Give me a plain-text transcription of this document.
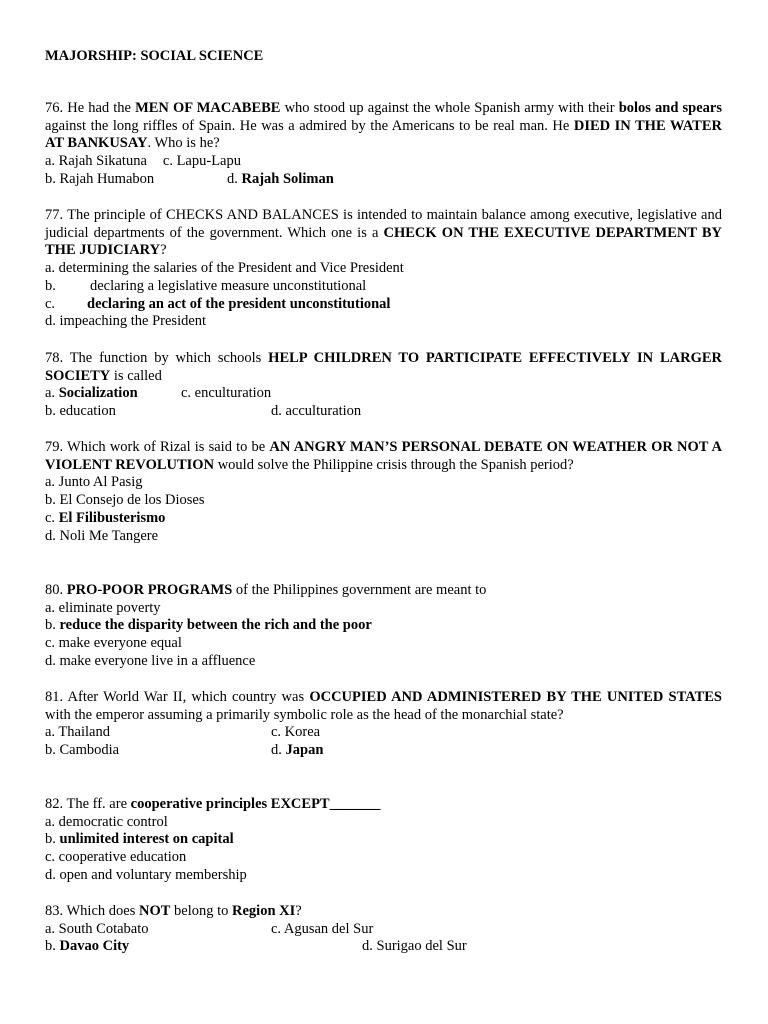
MAJORSHIP: SOCIAL SCIENCE
76. He had the MEN OF MACABEBE who stood up against the whole Spanish army with their bolos and spears against the long riffles of Spain. He was a admired by the Americans to be real man. He DIED IN THE WATER AT BANKUSAY. Who is he?
a. Rajah Sikatuna c. Lapu-Lapu
b. Rajah Humabon	d. Rajah Soliman
77. The principle of CHECKS AND BALANCES is intended to maintain balance among executive, legislative and judicial departments of the government. Which one is a CHECK ON THE EXECUTIVE DEPARTMENT BY THE JUDICIARY?
a. determining the salaries of the President and Vice President
b. declaring a legislative measure unconstitutional
c. declaring an act of the president unconstitutional
d. impeaching the President
78. The function by which schools HELP CHILDREN TO PARTICIPATE EFFECTIVELY IN LARGER SOCIETY is called
a. Socialization	c. enculturation
b. education	d. acculturation
79. Which work of Rizal is said to be AN ANGRY MAN’S PERSONAL DEBATE ON WEATHER OR NOT A VIOLENT REVOLUTION would solve the Philippine crisis through the Spanish period?
a. Junto Al Pasig
b. El Consejo de los Dioses
c. El Filibusterismo
d. Noli Me Tangere
80. PRO-POOR PROGRAMS of the Philippines government are meant to
a. eliminate poverty
b. reduce the disparity between the rich and the poor
c. make everyone equal
d. make everyone live in a affluence
81. After World War II, which country was OCCUPIED AND ADMINISTERED BY THE UNITED STATES with the emperor assuming a primarily symbolic role as the head of the monarchial state?
a. Thailand	c. Korea
b. Cambodia	d. Japan
82. The ff. are cooperative principles EXCEPT_______
a. democratic control
b. unlimited interest on capital
c. cooperative education
d. open and voluntary membership
83. Which does NOT belong to Region XI?
a. South Cotabato	c. Agusan del Sur
b. Davao City	d. Surigao del Sur
